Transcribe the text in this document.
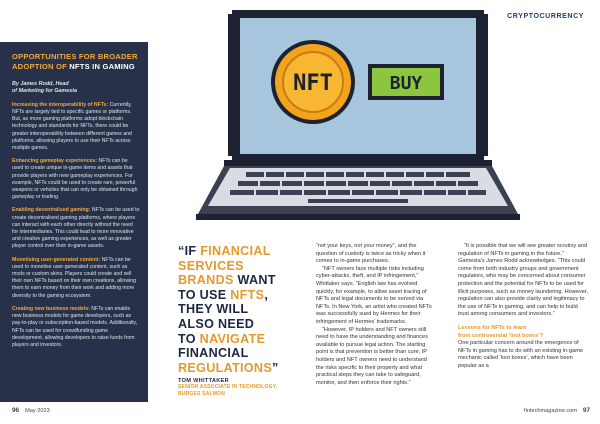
OPPORTUNITIES FOR BROADER ADOPTION OF NFTS IN GAMING
By James Rodd, Head
of Marketing for Gamesta
Increasing the interoperability of NFTs: Currently, NFTs are largely tied to specific games or platforms. But, as more gaming platforms adopt blockchain technology and standards for NFTs, there could be greater interoperability between different games and platforms, allowing players to use their NFTs across multiple games.
Enhancing gameplay experiences: NFTs can be used to create unique in-game items and assets that provide players with new gameplay experiences. For example, NFTs could be used to create rare, powerful weapons or vehicles that can only be obtained through gameplay or trading.
Enabling decentralised gaming: NFTs can be used to create decentralised gaming platforms, where players can interact with each other directly without the need for intermediaries. This could lead to more innovative and creative gaming experiences, as well as greater player control over their in-game assets.
Monetising user-generated content: NFTs can be used to monetise user-generated content, such as mods or custom skins. Players could create and sell their own NFTs based on their own creations, allowing them to earn money from their work and adding more diversity to the gaming ecosystem.
Creating new business models: NFTs can enable new business models for game developers, such as pay-to-play or subscription-based models. Additionally, NFTs can be used for crowdfunding game development, allowing developers to raise funds from players and investors.
96 May 2023	fintechmagazine.com 97
CRYPTOCURRENCY
NFT	BUY
“IF FINANCIAL
SERVICES
BRANDS WANT
TO USE NFTS,
THEY WILL
ALSO NEED
TO NAVIGATE
FINANCIAL
REGULATIONS”
TOM WHITTAKER
SENIOR ASSOCIATE IN TECHNOLOGY,
BURGES SALMON

“not your keys, not your money”, and the question of custody is twice as tricky when it comes to in-game purchases.

“NFT owners face multiple risks including cyber-attacks, theft, and IP infringement,” Whittaker says. “English law has evolved quickly, for example, to allow asset tracing of NFTs and legal documents to be served via NFTs. In New York, an artist who created NFTs was successfully sued by Hermes for their infringement of Hermes’ trademarks.

“However, IP holders and NFT owners still need to have the understanding and finances available to pursue legal action. The starting point is that prevention is better than cure; IP holders and NFT owners need to understand the risks specific to their property and what practical steps they can take to safeguard, monitor, and then enforce their rights.”

“It is possible that we will see greater scrutiny and regulation of NFTs in gaming in the future,” Gamesta’s James Rodd acknowledges. “This could come from both industry groups and government regulators, who may be concerned about consumer protection and the potential for NFTs to be used for illicit purposes, such as money laundering. However, regulation can also provide clarity and legitimacy to the use of NFTs in gaming, and can help to build trust among consumers and investors.”

Lessons for NFTs to learn
from controversial ‘loot boxes’?

One particular concern around the emergence of NFTs in gaming has to do with an existing in-game mechanic called ‘loot boxes’, which have been popular as a
